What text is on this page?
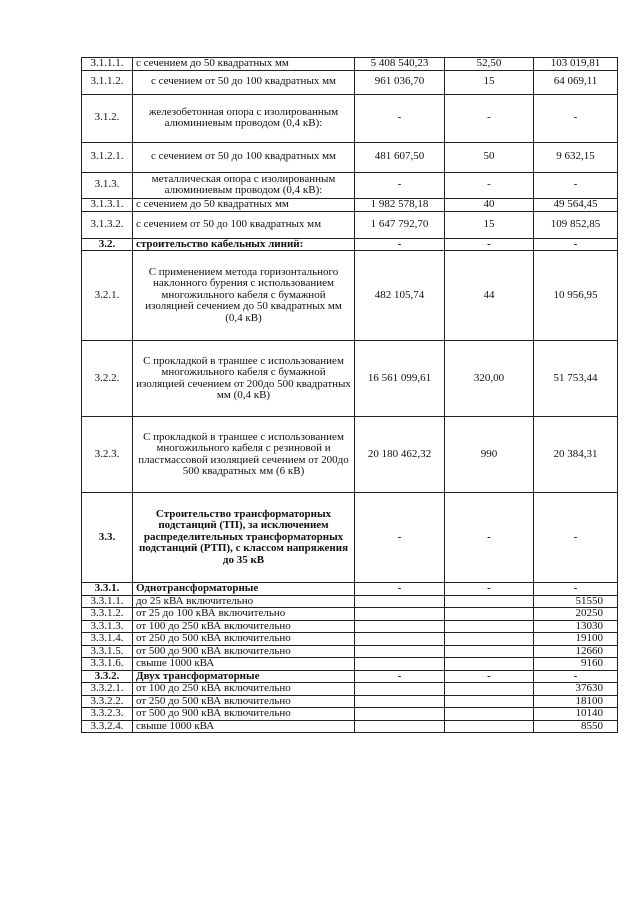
3.1.1.1.	с сечением до 50 квадратных мм	5 408 540,23	52,50	103 019,81
3.1.1.2.	с сечением от 50 до 100 квадратных мм	961 036,70	15	64 069,11
3.1.2.	железобетонная опора с изолированным алюминиевым проводом (0,4 кВ):	-	-	-
3.1.2.1.	с сечением от 50 до 100 квадратных мм	481 607,50	50	9 632,15
3.1.3.	металлическая опора с изолированным алюминиевым проводом (0,4 кВ):	-	-	-
3.1.3.1.	с сечением до 50 квадратных мм	1 982 578,18	40	49 564,45
3.1.3.2.	с сечением от 50 до 100 квадратных мм	1 647 792,70	15	109 852,85
3.2.	строительство кабельных линий:	-	-	-
3.2.1.	С применением метода горизонтального наклонного бурения с использованием многожильного кабеля с бумажной изоляцией сечением до 50 квадратных мм (0,4 кВ)	482 105,74	44	10 956,95
3.2.2.	С прокладкой в траншее с использованием многожильного кабеля с бумажной изоляцией сечением от 200до 500 квадратных мм (0,4 кВ)	16 561 099,61	320,00	51 753,44
3.2.3.	С прокладкой в траншее с использованием многожильного кабеля с резиновой и пластмассовой изоляцией сечением от 200до 500 квадратных мм (6 кВ)	20 180 462,32	990	20 384,31
3.3.	Строительство трансформаторных подстанций (ТП), за исключением распределительных трансформаторных подстанций (РТП), с классом напряжения до 35 кВ	-	-	-
3.3.1.	Однотрансформаторные	-	-	-
3.3.1.1.	до 25 кВА включительно			51550
3.3.1.2.	от 25 до 100 кВА включительно			20250
3.3.1.3.	от 100 до 250 кВА включительно			13030
3.3.1.4.	от 250 до 500 кВА включительно			19100
3.3.1.5.	от 500 до 900 кВА включительно			12660
3.3.1.6.	свыше 1000 кВА			9160
3.3.2.	Двух трансформаторные	-	-	-
3.3.2.1.	от 100 до 250 кВА включительно			37630
3.3.2.2.	от 250 до 500 кВА включительно			18100
3.3.2.3.	от 500 до 900 кВА включительно			10140
3.3.2.4.	свыше 1000 кВА			8550
